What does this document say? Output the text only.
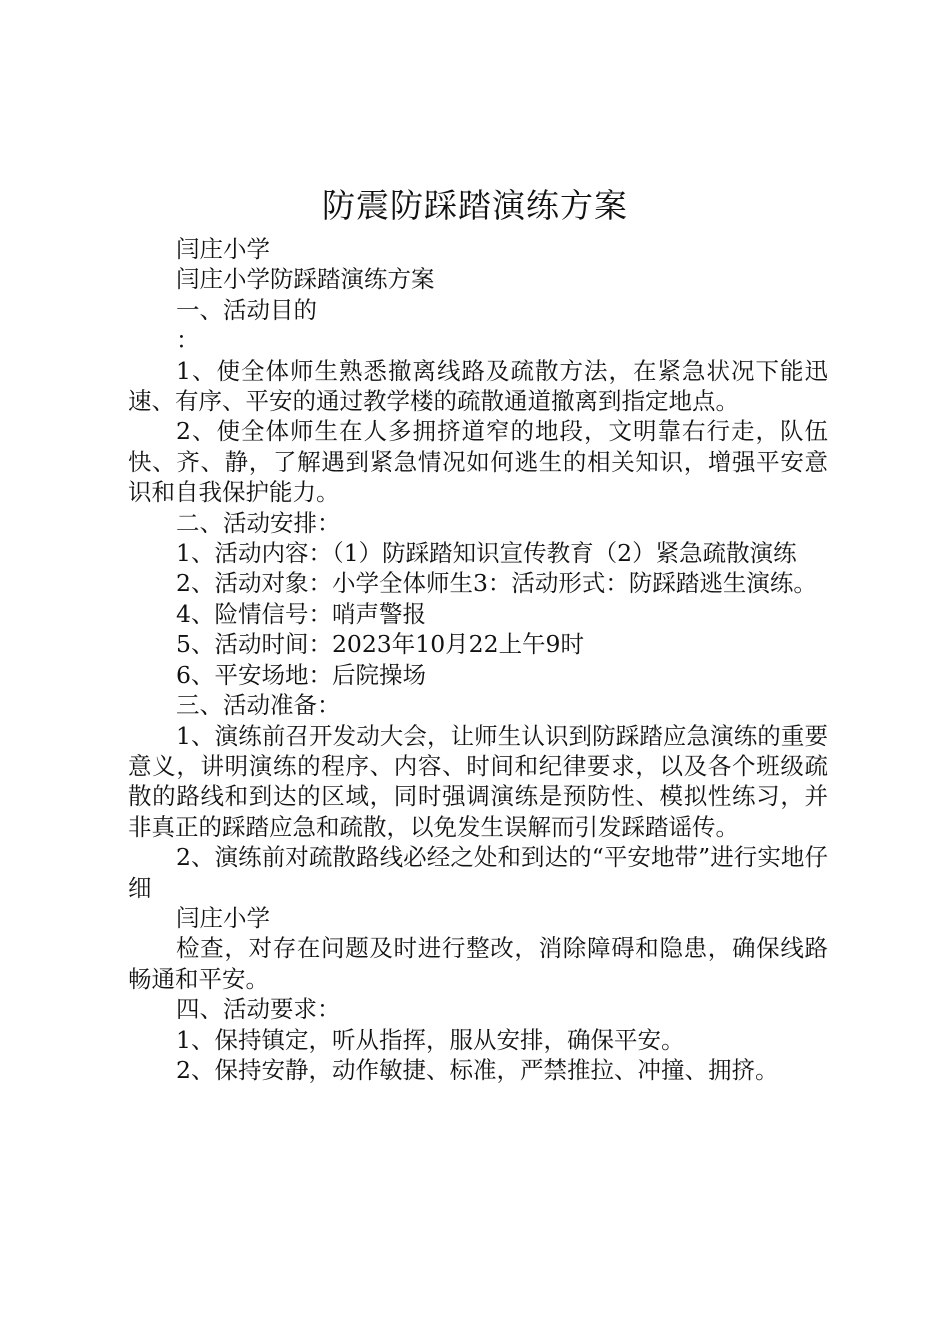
防震防踩踏演练方案

闫庄小学

闫庄小学防踩踏演练方案

一、活动目的

：

1、使全体师生熟悉撤离线路及疏散方法，在紧急状况下能迅速、有序、平安的通过教学楼的疏散通道撤离到指定地点。

2、使全体师生在人多拥挤道窄的地段，文明靠右行走，队伍快、齐、静，了解遇到紧急情况如何逃生的相关知识，增强平安意识和自我保护能力。

二、活动安排：

1、活动内容：（1）防踩踏知识宣传教育（2）紧急疏散演练

2、活动对象：小学全体师生3：活动形式：防踩踏逃生演练。

4、险情信号：哨声警报

5、活动时间：2023年10月22上午9时

6、平安场地：后院操场

三、活动准备：

1、演练前召开发动大会，让师生认识到防踩踏应急演练的重要意义，讲明演练的程序、内容、时间和纪律要求，以及各个班级疏散的路线和到达的区域，同时强调演练是预防性、模拟性练习，并非真正的踩踏应急和疏散，以免发生误解而引发踩踏谣传。

2、演练前对疏散路线必经之处和到达的“平安地带”进行实地仔细

闫庄小学

检查，对存在问题及时进行整改，消除障碍和隐患，确保线路畅通和平安。

四、活动要求：

1、保持镇定，听从指挥，服从安排，确保平安。

2、保持安静，动作敏捷、标准，严禁推拉、冲撞、拥挤。
